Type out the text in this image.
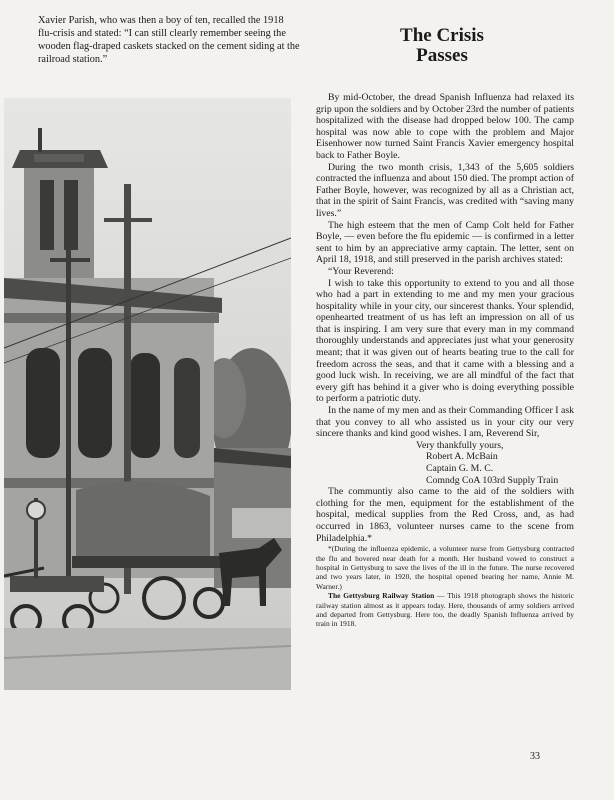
Xavier Parish, who was then a boy of ten, recalled the 1918 flu-crisis and stated: “I can still clearly remember seeing the wooden flag-draped caskets stacked on the cement siding at the railroad station.”

The Crisis
Passes

By mid-October, the dread Spanish Influenza had relaxed its grip upon the soldiers and by October 23rd the number of patients hospitalized with the disease had dropped below 100. The camp hospital was now able to cope with the problem and Major Eisenhower now turned Saint Francis Xavier emergency hospital back to Father Boyle.

During the two month crisis, 1,343 of the 5,605 soldiers contracted the influenza and about 150 died. The prompt action of Father Boyle, however, was recognized by all as a Christian act, that in the spirit of Saint Francis, was credited with “saving many lives.”

The high esteem that the men of Camp Colt held for Father Boyle, — even before the flu epidemic — is confirmed in a letter sent to him by an appreciative army captain. The letter, sent on April 18, 1918, and still preserved in the parish archives stated:

“Your Reverend:

I wish to take this opportunity to extend to you and all those who had a part in extending to me and my men your gracious hospitality while in your city, our sincerest thanks. Your splendid, openhearted treatment of us has left an impression on all of us that is inspiring. I am very sure that every man in my command thoroughly understands and appreciates just what your generosity meant; that it was given out of hearts beating true to the call for freedom across the seas, and that it came with a blessing and a good luck wish. In receiving, we are all mindful of the fact that every gift has behind it a giver who is doing everything possible to perform a patriotic duty.

In the name of my men and as their Commanding Officer I ask that you convey to all who assisted us in your city our very sincere thanks and kind good wishes. I am, Reverend Sir,

Very thankfully yours,
Robert A. McBain
Captain G. M. C.
Comndg CoA 103rd Supply Train

The communtiy also came to the aid of the soldiers with clothing for the men, equipment for the establishment of the hospital, medical supplies from the Red Cross, and, as had occurred in 1863, volunteer nurses came to the scene from Philadelphia.*

*(During the influenza epidemic, a volunteer nurse from Gettysburg contracted the flu and hovered near death for a month. Her husband vowed to construct a hospital in Gettysburg to save the lives of the ill in the future. The nurse recovered and two years later, in 1920, the hospital opened bearing her name, Annie M. Warner.)

The Gettysburg Railway Station — This 1918 photograph shows the historic railway station almost as it appears today. Here, thousands of army soldiers arrived and departed from Gettysburg. Here too, the deadly Spanish Influenza arrived by train in 1918.

33
